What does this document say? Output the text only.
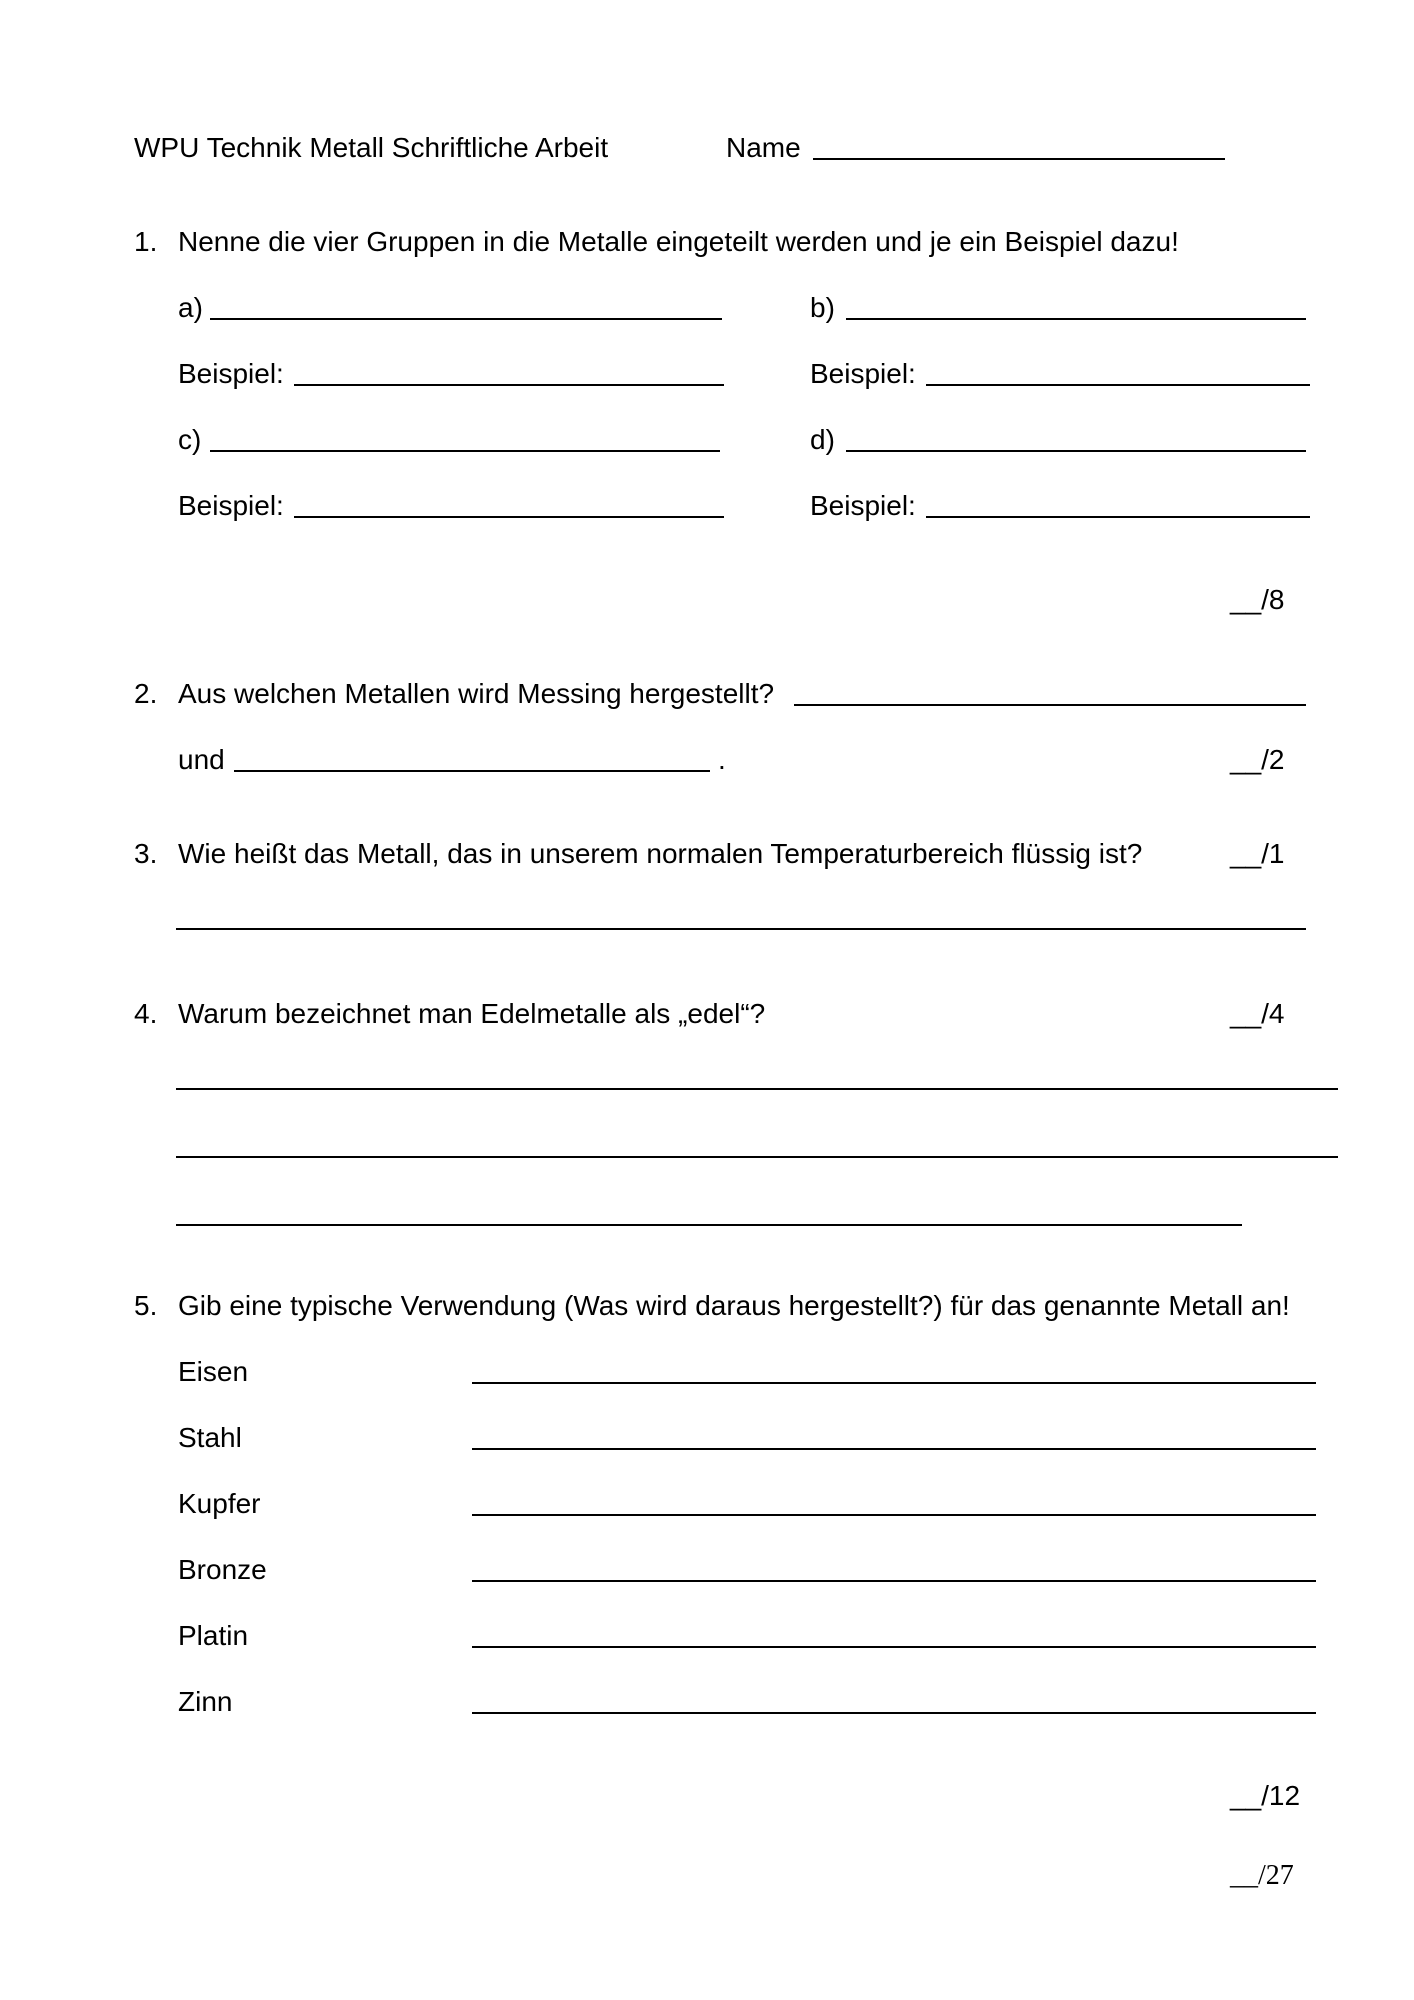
WPU Technik Metall Schriftliche Arbeit	Name
1. Nenne die vier Gruppen in die Metalle eingeteilt werden und je ein Beispiel dazu!
a)	b)
Beispiel:	Beispiel:
c)	d)
Beispiel:	Beispiel:
__/8
2. Aus welchen Metallen wird Messing hergestellt?
und	.	__/2
3. Wie heißt das Metall, das in unserem normalen Temperaturbereich flüssig ist?	__/1
4. Warum bezeichnet man Edelmetalle als „edel“?	__/4
5. Gib eine typische Verwendung (Was wird daraus hergestellt?) für das genannte Metall an!
Eisen
Stahl
Kupfer
Bronze
Platin
Zinn
__/12
__/27
